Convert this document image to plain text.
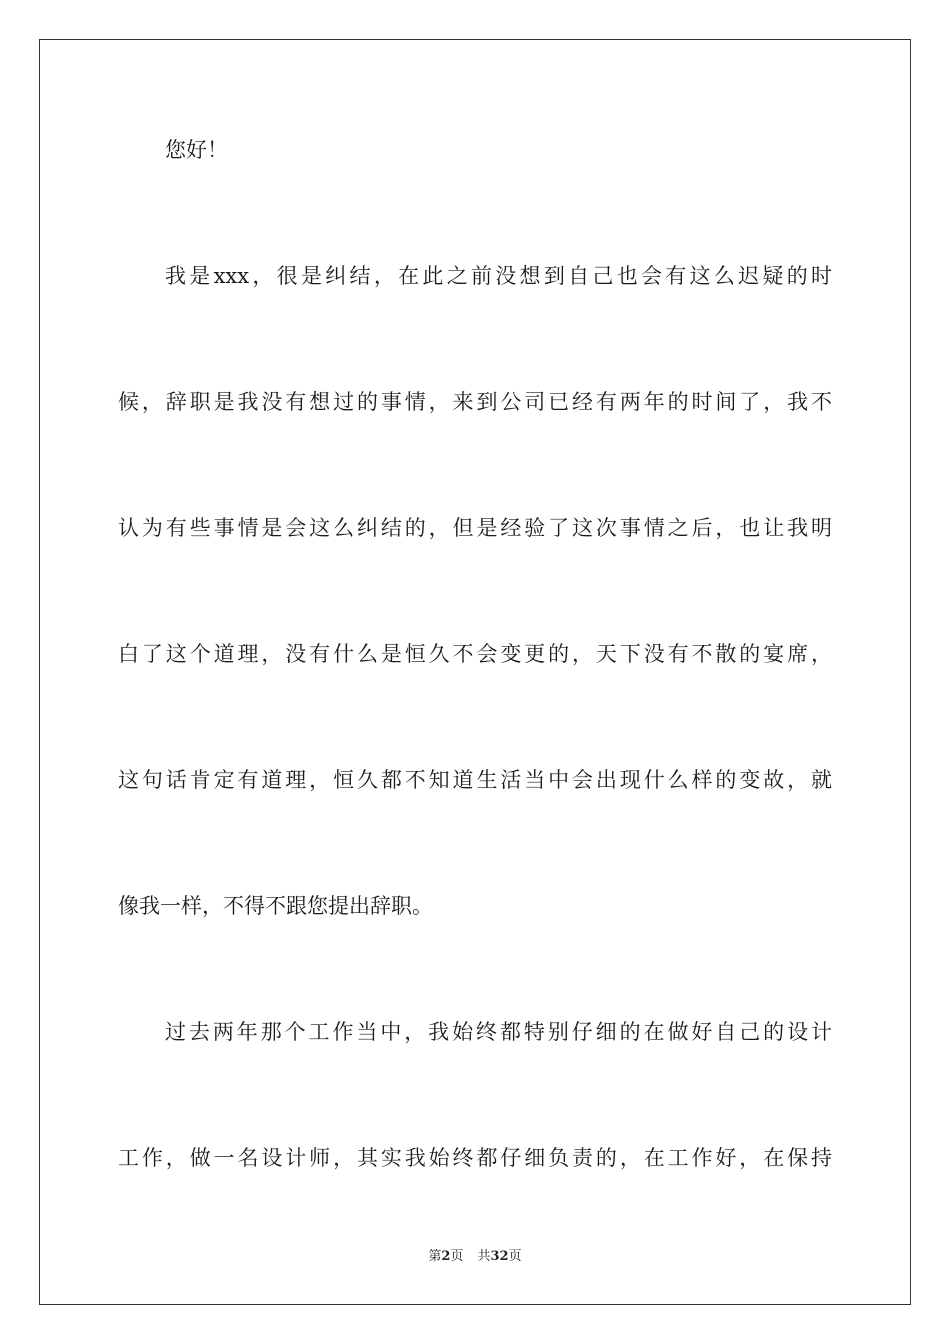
您好！
我是xxx，很是纠结，在此之前没想到自己也会有这么迟疑的时
候，辞职是我没有想过的事情，来到公司已经有两年的时间了，我不
认为有些事情是会这么纠结的，但是经验了这次事情之后，也让我明
白了这个道理，没有什么是恒久不会变更的，天下没有不散的宴席，
这句话肯定有道理，恒久都不知道生活当中会出现什么样的变故，就
像我一样，不得不跟您提出辞职。
过去两年那个工作当中，我始终都特别仔细的在做好自己的设计
工作，做一名设计师，其实我始终都仔细负责的，在工作好，在保持
第2页 共32页
